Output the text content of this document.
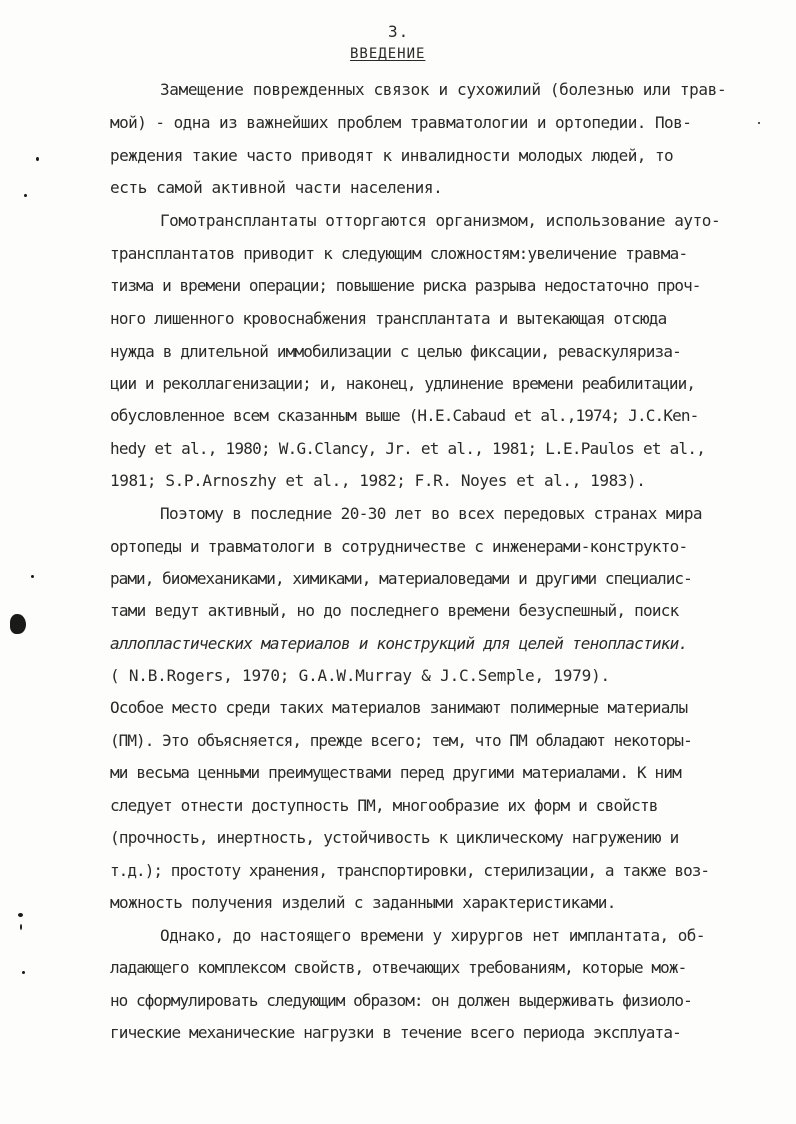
3.
ВВЕДЕНИЕ
Замещение поврежденных связок и сухожилий (болезнью или трав-
мой) - одна из важнейших проблем травматологии и ортопедии. Пов-
реждения такие часто приводят к инвалидности молодых людей, то
есть самой активной части населения.
Гомотрансплантаты отторгаются организмом, использование ауто-
трансплантатов приводит к следующим сложностям:увеличение травма-
тизма и времени операции; повышение риска разрыва недостаточно проч-
ного лишенного кровоснабжения трансплантата и вытекающая отсюда
нужда в длительной иммобилизации с целью фиксации, реваскуляриза-
ции и реколлагенизации; и, наконец, удлинение времени реабилитации,
обусловленное всем сказанным выше (H.E.Cabaud et al.,1974; J.C.Ken-
hedy et al., 1980; W.G.Clancy, Jr. et al., 1981; L.E.Paulos et al.,
1981; S.P.Arnoszhy et al., 1982; F.R. Noyes et al., 1983).
Поэтому в последние 20-30 лет во всех передовых странах мира
ортопеды и травматологи в сотрудничестве с инженерами-конструкто-
рами, биомеханиками, химиками, материаловедами и другими специалис-
тами ведут активный, но до последнего времени безуспешный, поиск
аллопластических материалов и конструкций для целей тенопластики.
( N.B.Rogers, 1970; G.A.W.Murray & J.C.Semple, 1979).
Особое место среди таких материалов занимают полимерные материалы
(ПМ). Это объясняется, прежде всего; тем, что ПМ обладают некоторы-
ми весьма ценными преимуществами перед другими материалами. К ним
следует отнести доступность ПМ, многообразие их форм и свойств
(прочность, инертность, устойчивость к циклическому нагружению и
т.д.); простоту хранения, транспортировки, стерилизации, а также воз-
можность получения изделий с заданными характеристиками.
Однако, до настоящего времени у хирургов нет имплантата, об-
ладающего комплексом свойств, отвечающих требованиям, которые мож-
но сформулировать следующим образом: он должен выдерживать физиоло-
гические механические нагрузки в течение всего периода эксплуата-
